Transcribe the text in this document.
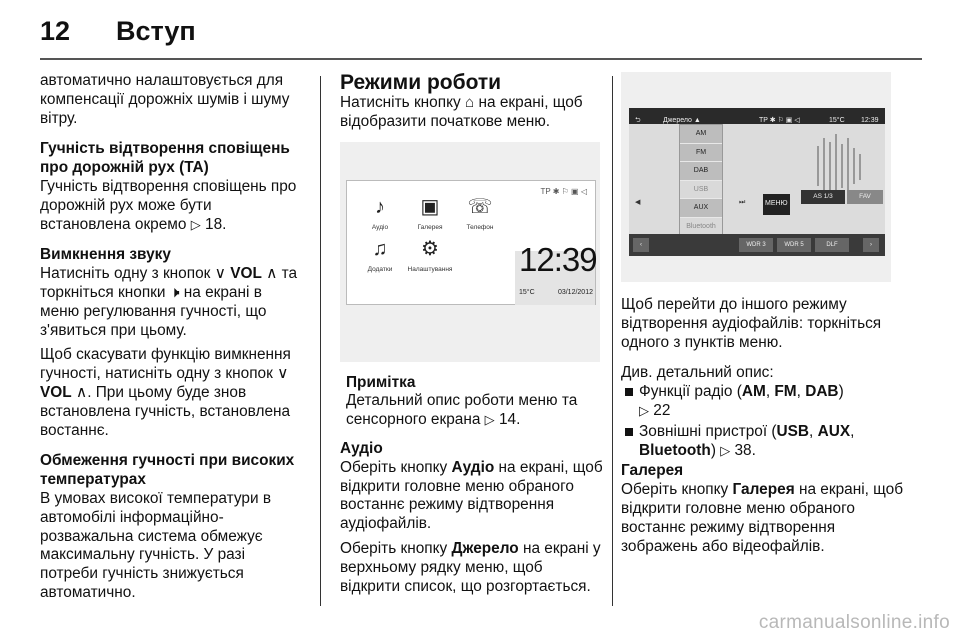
12 Вступ

автоматично налаштовується для компенсації дорожніх шумів і шуму вітру.

Гучність відтворення сповіщень про дорожній рух (TA)

Гучність відтворення сповіщень про дорожній рух може бути встановлена окремо ▷ 18.

Вимкнення звуку

Натисніть одну з кнопок ∨ VOL ∧ та торкніться кнопки 🕨 на екрані в меню регулювання гучності, що з'явиться при цьому.

Щоб скасувати функцію вимкнення гучності, натисніть одну з кнопок ∨ VOL ∧. При цьому буде знов встановлена гучність, встановлена востаннє.

Обмеження гучності при високих температурах

В умовах високої температури в автомобілі інформаційно-розважальна система обмежує максимальну гучність. У разі потреби гучність знижується автоматично.

Режими роботи

Натисніть кнопку ⌂ на екрані, щоб відобразити початкове меню.

TP ✱ ⚐ ▣ ◁
♪
Аудіо
▣
Галерея
☏
Телефон
♫
Додатки
⚙
Налаштування 12:39
15°C	03/12/2012

Примітка

Детальний опис роботи меню та сенсорного екрана ▷ 14.

Аудіо

Оберіть кнопку Аудіо на екрані, щоб відкрити головне меню обраного востаннє режиму відтворення аудіофайлів.

Оберіть кнопку Джерело на екрані у верхньому рядку меню, щоб відкрити список, що розгортається.

⮌	Джерело ▲	TP ✱ ⚐ ▣ ◁	15°C 12:39
◀	⏭	МЕНЮ
AS 1/3	FAV
AM
FM
DAB
USB
AUX
Bluetooth
‹	WDR 3	WDR 5	DLF	›

Щоб перейти до іншого режиму відтворення аудіофайлів: торкніться одного з пунктів меню.

Див. детальний опис:

Функції радіо (AM, FM, DAB)
▷ 22
Зовнішні пристрої (USB, AUX,
Bluetooth) ▷ 38.

Галерея

Оберіть кнопку Галерея на екрані, щоб відкрити головне меню обраного востаннє режиму відтворення зображень або відеофайлів.

carmanualsonline.info
